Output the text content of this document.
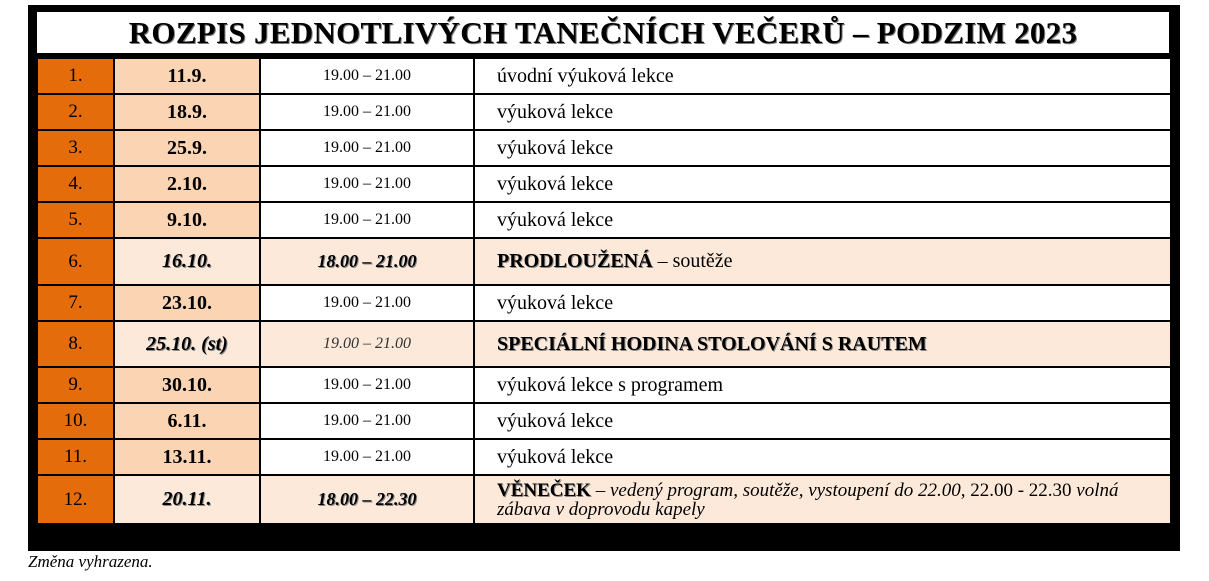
ROZPIS JEDNOTLIVÝCH TANEČNÍCH VEČERŮ – PODZIM 2023
1.	11.9.	19.00 – 21.00	úvodní výuková lekce
2.	18.9.	19.00 – 21.00	výuková lekce
3.	25.9.	19.00 – 21.00	výuková lekce
4.	2.10.	19.00 – 21.00	výuková lekce
5.	9.10.	19.00 – 21.00	výuková lekce
6.	16.10.	18.00 – 21.00	PRODLOUŽENÁ – soutěže
7.	23.10.	19.00 – 21.00	výuková lekce
8.	25.10. (st)	19.00 – 21.00	SPECIÁLNÍ HODINA STOLOVÁNÍ S RAUTEM
9.	30.10.	19.00 – 21.00	výuková lekce s programem
10.	6.11.	19.00 – 21.00	výuková lekce
11.	13.11.	19.00 – 21.00	výuková lekce
12.	20.11.	18.00 – 22.30	VĚNEČEK – vedený program, soutěže, vystoupení do 22.00, 22.00 - 22.30 volná zábava v doprovodu kapely
Změna vyhrazena.
